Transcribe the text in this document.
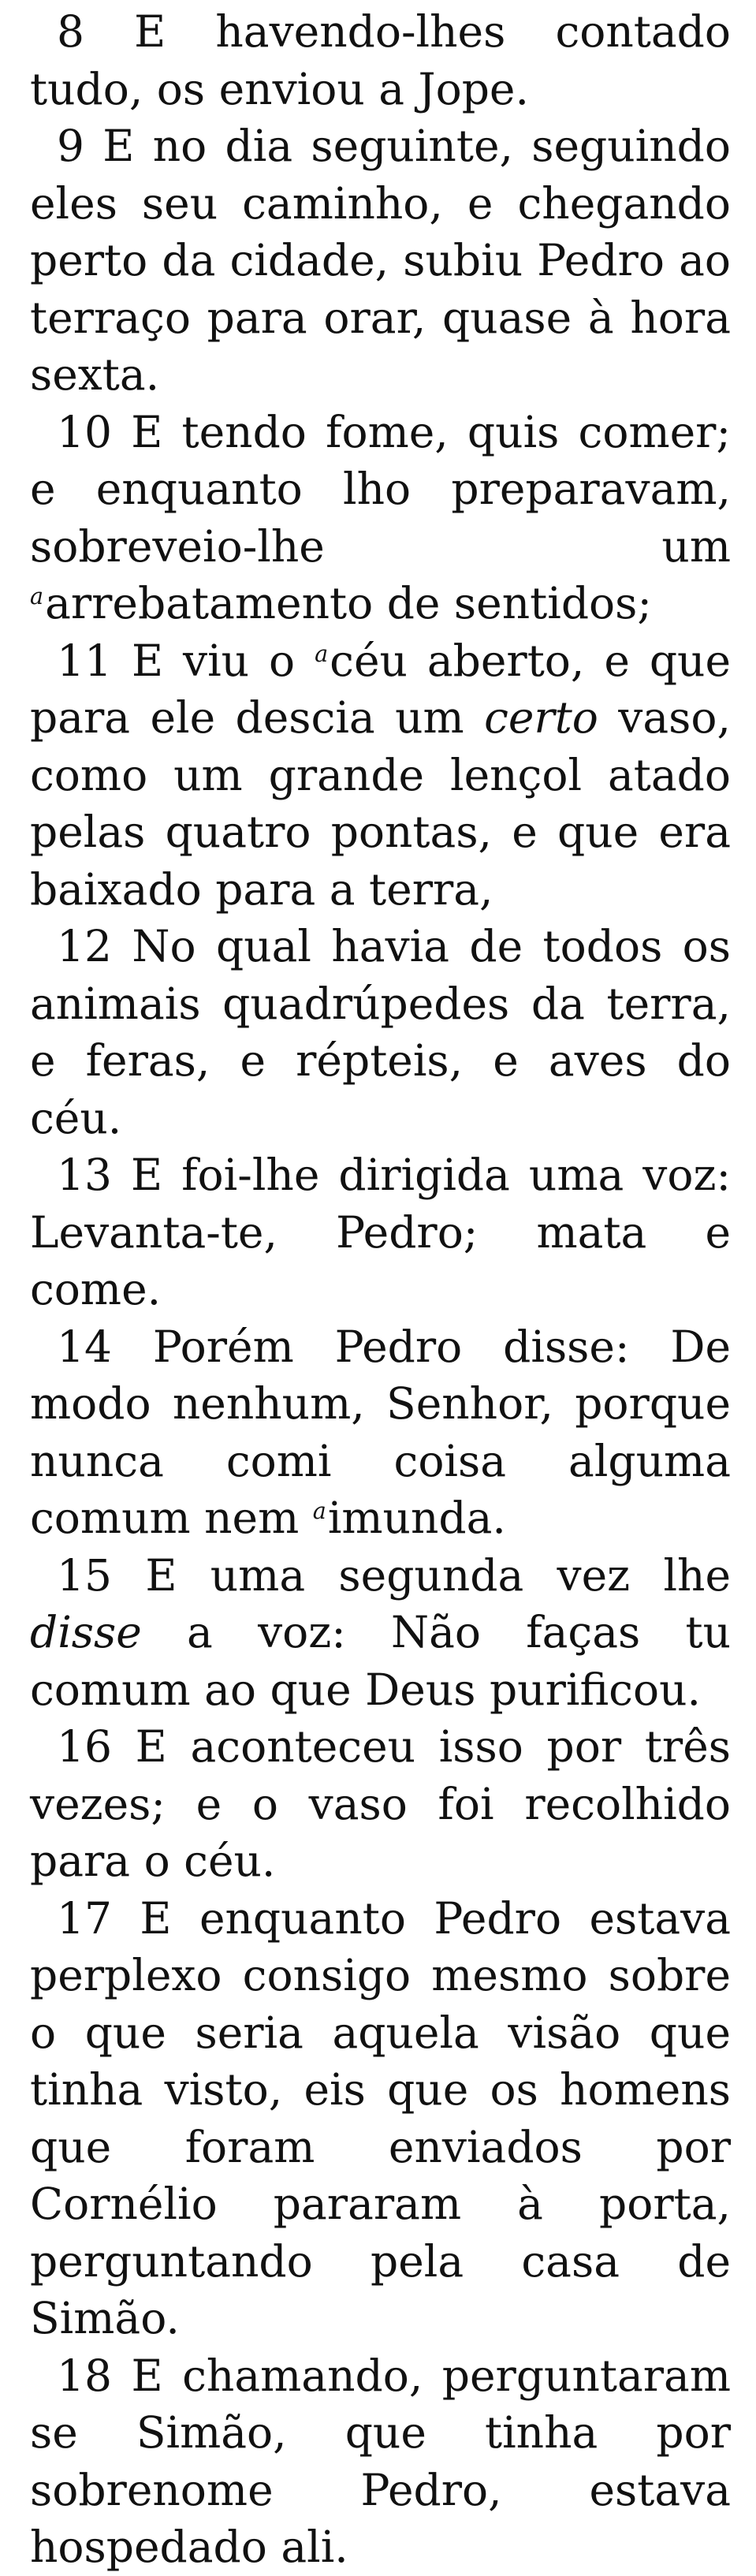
8 E havendo-lhes contado tudo, os enviou a Jope.

9 E no dia seguinte, seguindo eles seu caminho, e chegando perto da cidade, subiu Pedro ao terraço para orar, quase à hora sexta.

10 E tendo fome, quis comer; e enquanto lho preparavam, sobreveio-lhe um $^a$arrebatamento de sentidos;

11 E viu o $^a$céu aberto, e que para ele descia um certo vaso, como um grande lençol atado pelas quatro pontas, e que era baixado para a terra,

12 No qual havia de todos os animais quadrúpedes da terra, e feras, e répteis, e aves do céu.

13 E foi-lhe dirigida uma voz: Levanta-te, Pedro; mata e come.

14 Porém Pedro disse: De modo nenhum, Senhor, porque nunca comi coisa alguma comum nem $^a$imunda.

15 E uma segunda vez lhe disse a voz: Não faças tu comum ao que Deus purificou.

16 E aconteceu isso por três vezes; e o vaso foi recolhido para o céu.

17 E enquanto Pedro estava perplexo consigo mesmo sobre o que seria aquela visão que tinha visto, eis que os homens que foram enviados por Cornélio pararam à porta, perguntando pela casa de Simão.

18 E chamando, perguntaram se Simão, que tinha por sobrenome Pedro, estava hospedado ali.
